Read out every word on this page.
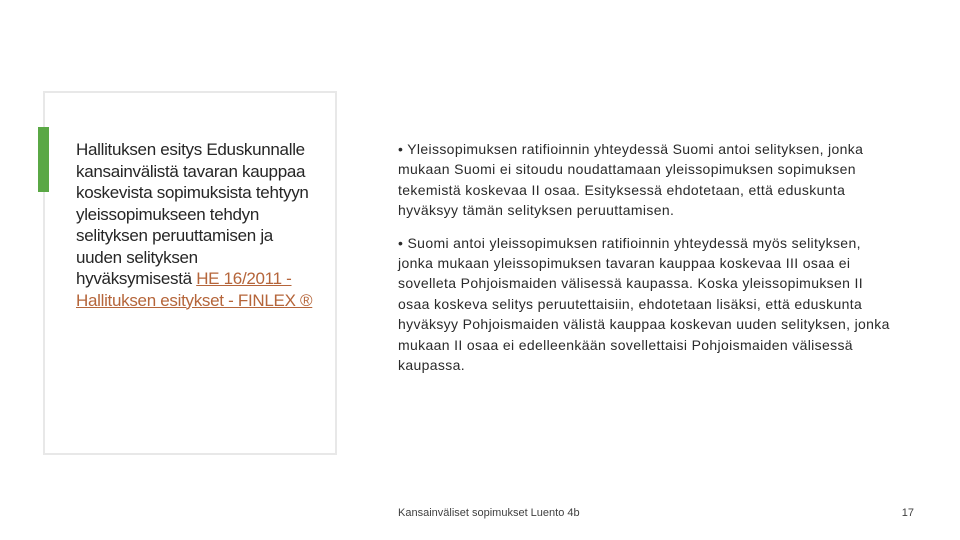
Hallituksen esitys Eduskunnalle kansainvälistä tavaran kauppaa koskevista sopimuksista tehtyyn yleissopimukseen tehdyn selityksen peruuttamisen ja uuden selityksen hyväksymisestä HE 16/2011 - Hallituksen esitykset - FINLEX ®

• Yleissopimuksen ratifioinnin yhteydessä Suomi antoi selityksen, jonka mukaan Suomi ei sitoudu noudattamaan yleissopimuksen sopimuksen tekemistä koskevaa II osaa. Esityksessä ehdotetaan, että eduskunta hyväksyy tämän selityksen peruuttamisen.
• Suomi antoi yleissopimuksen ratifioinnin yhteydessä myös selityksen, jonka mukaan yleissopimuksen tavaran kauppaa koskevaa III osaa ei sovelleta Pohjoismaiden välisessä kaupassa. Koska yleissopimuksen II osaa koskeva selitys peruutettaisiin, ehdotetaan lisäksi, että eduskunta hyväksyy Pohjoismaiden välistä kauppaa koskevan uuden selityksen, jonka mukaan II osaa ei edelleenkään sovellettaisi Pohjoismaiden välisessä kaupassa.
Kansainväliset sopimukset Luento 4b	17
